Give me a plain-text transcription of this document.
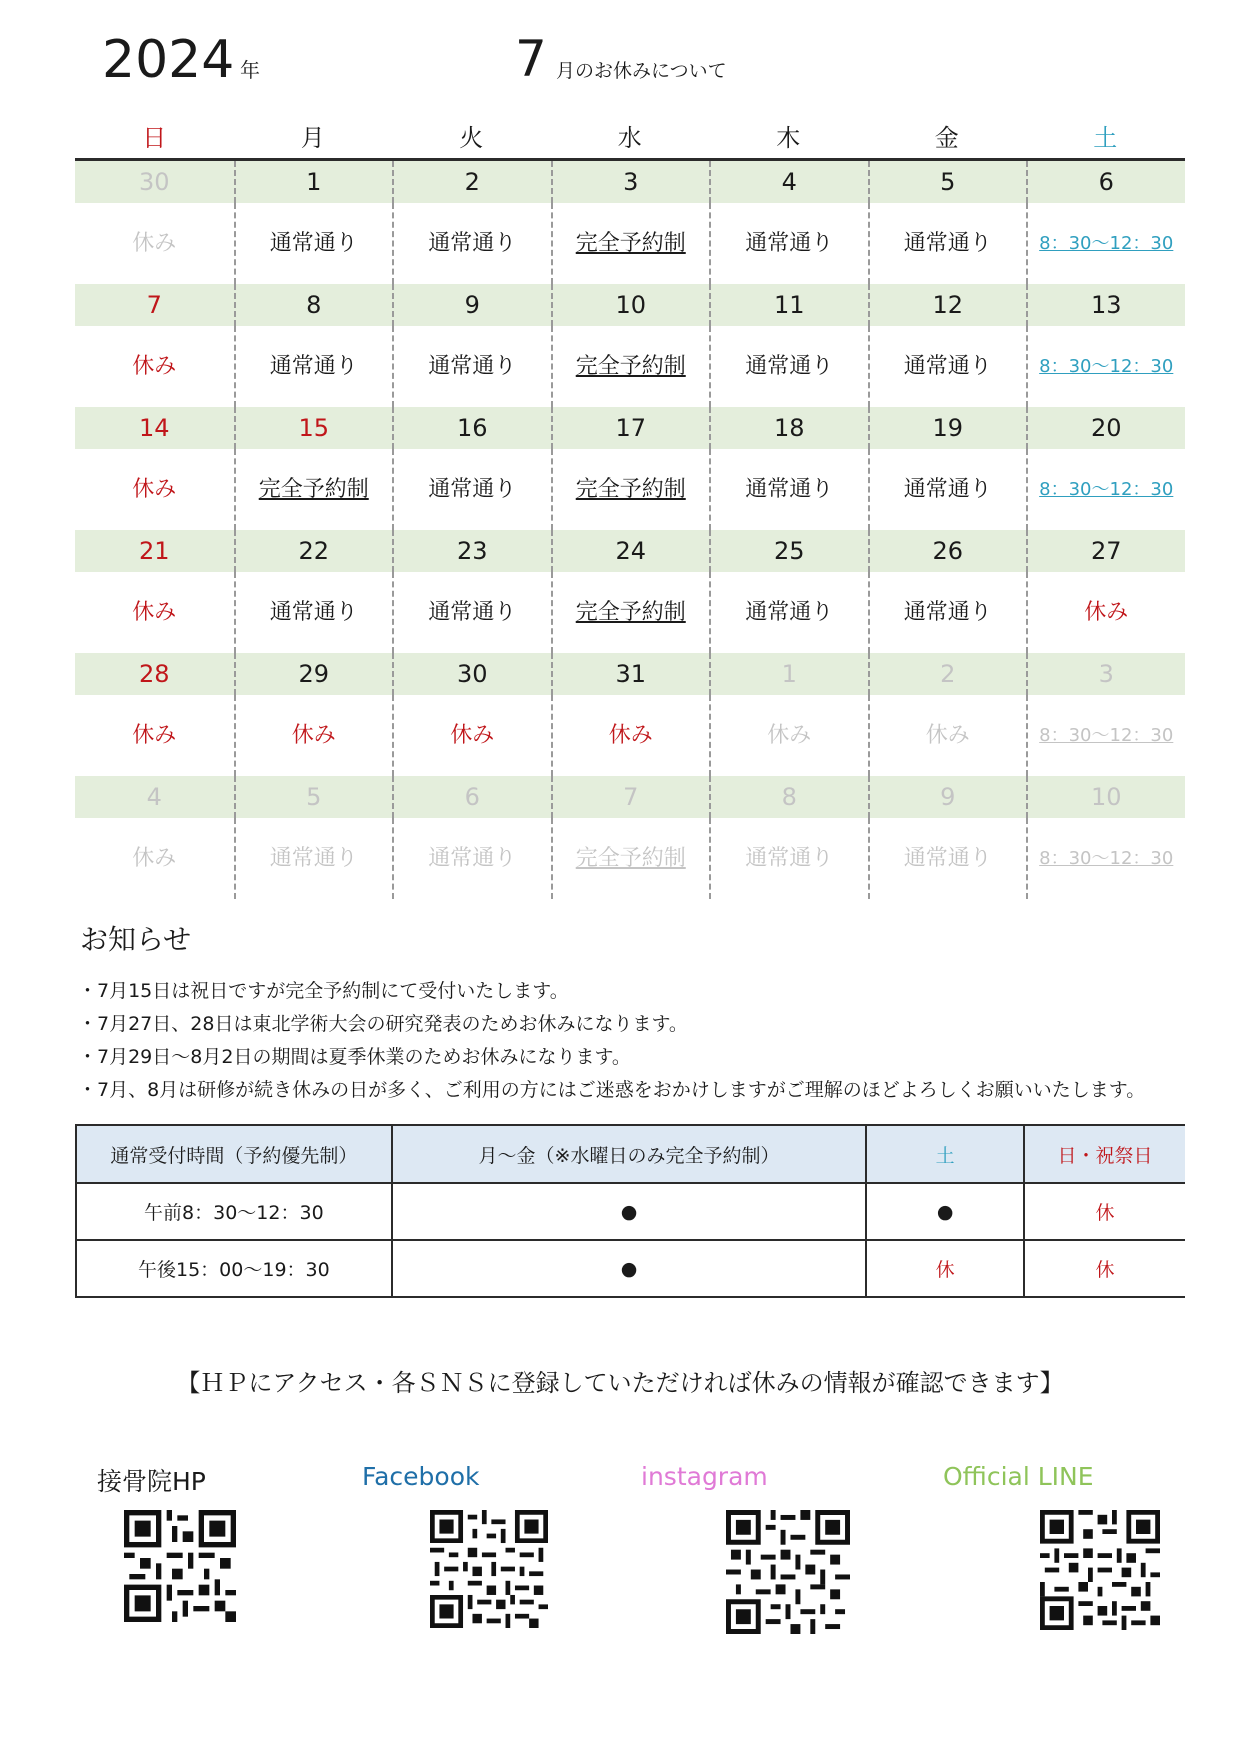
2024 年	7 月のお休みについて
日	月	火	水	木	金	土
30	1	2	3	4	5	6
休み	通常通り	通常通り	完全予約制	通常通り	通常通り	8：30～12：30
7	8	9	10	11	12	13
休み	通常通り	通常通り	完全予約制	通常通り	通常通り	8：30～12：30
14	15	16	17	18	19	20
休み	完全予約制	通常通り	完全予約制	通常通り	通常通り	8：30～12：30
21	22	23	24	25	26	27
休み	通常通り	通常通り	完全予約制	通常通り	通常通り	休み
28	29	30	31	1	2	3
休み	休み	休み	休み	休み	休み	8：30～12：30
4	5	6	7	8	9	10
休み	通常通り	通常通り	完全予約制	通常通り	通常通り	8：30～12：30
お知らせ
・7月15日は祝日ですが完全予約制にて受付いたします。
・7月27日、28日は東北学術大会の研究発表のためお休みになります。
・7月29日～8月2日の期間は夏季休業のためお休みになります。
・7月、8月は研修が続き休みの日が多く、ご利用の方にはご迷惑をおかけしますがご理解のほどよろしくお願いいたします。
通常受付時間（予約優先制）	月～金（※水曜日のみ完全予約制）	土	日・祝祭日
午前8：30～12：30	●	●	休
午後15：00～19：30	●	休	休
【ＨＰにアクセス・各ＳＮＳに登録していただければ休みの情報が確認できます】
接骨院HP	Facebook	instagram	Official LINE
